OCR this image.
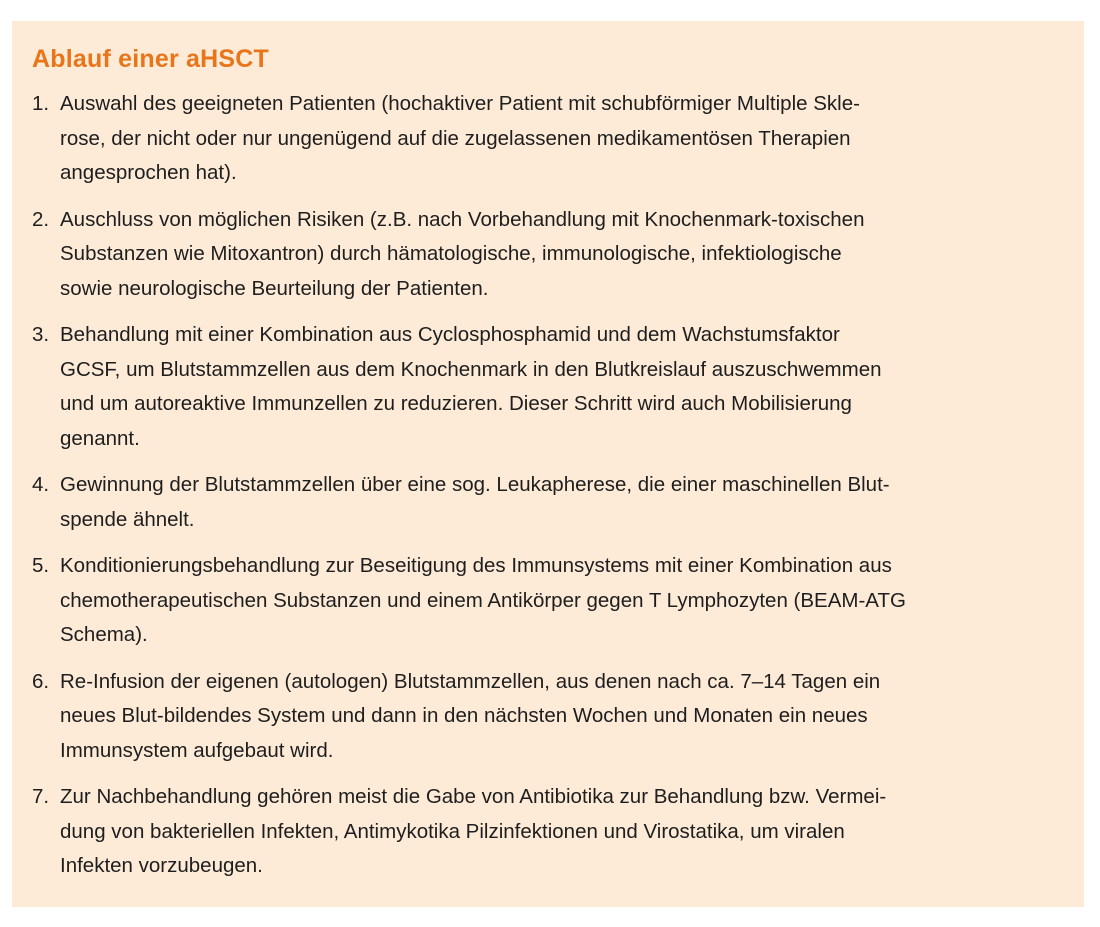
Ablauf einer aHSCT
1. Auswahl des geeigneten Patienten (hochaktiver Patient mit schubförmiger Multiple Skle-
rose, der nicht oder nur ungenügend auf die zugelassenen medikamentösen Therapien
angesprochen hat).
2. Auschluss von möglichen Risiken (z.B. nach Vorbehandlung mit Knochenmark-toxischen
Substanzen wie Mitoxantron) durch hämatologische, immunologische, infektiologische
sowie neurologische Beurteilung der Patienten.
3. Behandlung mit einer Kombination aus Cyclosphosphamid und dem Wachstumsfaktor
GCSF, um Blutstammzellen aus dem Knochenmark in den Blutkreislauf auszuschwemmen
und um autoreaktive Immunzellen zu reduzieren. Dieser Schritt wird auch Mobilisierung
genannt.
4. Gewinnung der Blutstammzellen über eine sog. Leukapherese, die einer maschinellen Blut-
spende ähnelt.
5. Konditionierungsbehandlung zur Beseitigung des Immunsystems mit einer Kombination aus
chemotherapeutischen Substanzen und einem Antikörper gegen T Lymphozyten (BEAM-ATG
Schema).
6. Re-Infusion der eigenen (autologen) Blutstammzellen, aus denen nach ca. 7–14 Tagen ein
neues Blut-bildendes System und dann in den nächsten Wochen und Monaten ein neues
Immunsystem aufgebaut wird.
7. Zur Nachbehandlung gehören meist die Gabe von Antibiotika zur Behandlung bzw. Vermei-
dung von bakteriellen Infekten, Antimykotika Pilzinfektionen und Virostatika, um viralen
Infekten vorzubeugen.
